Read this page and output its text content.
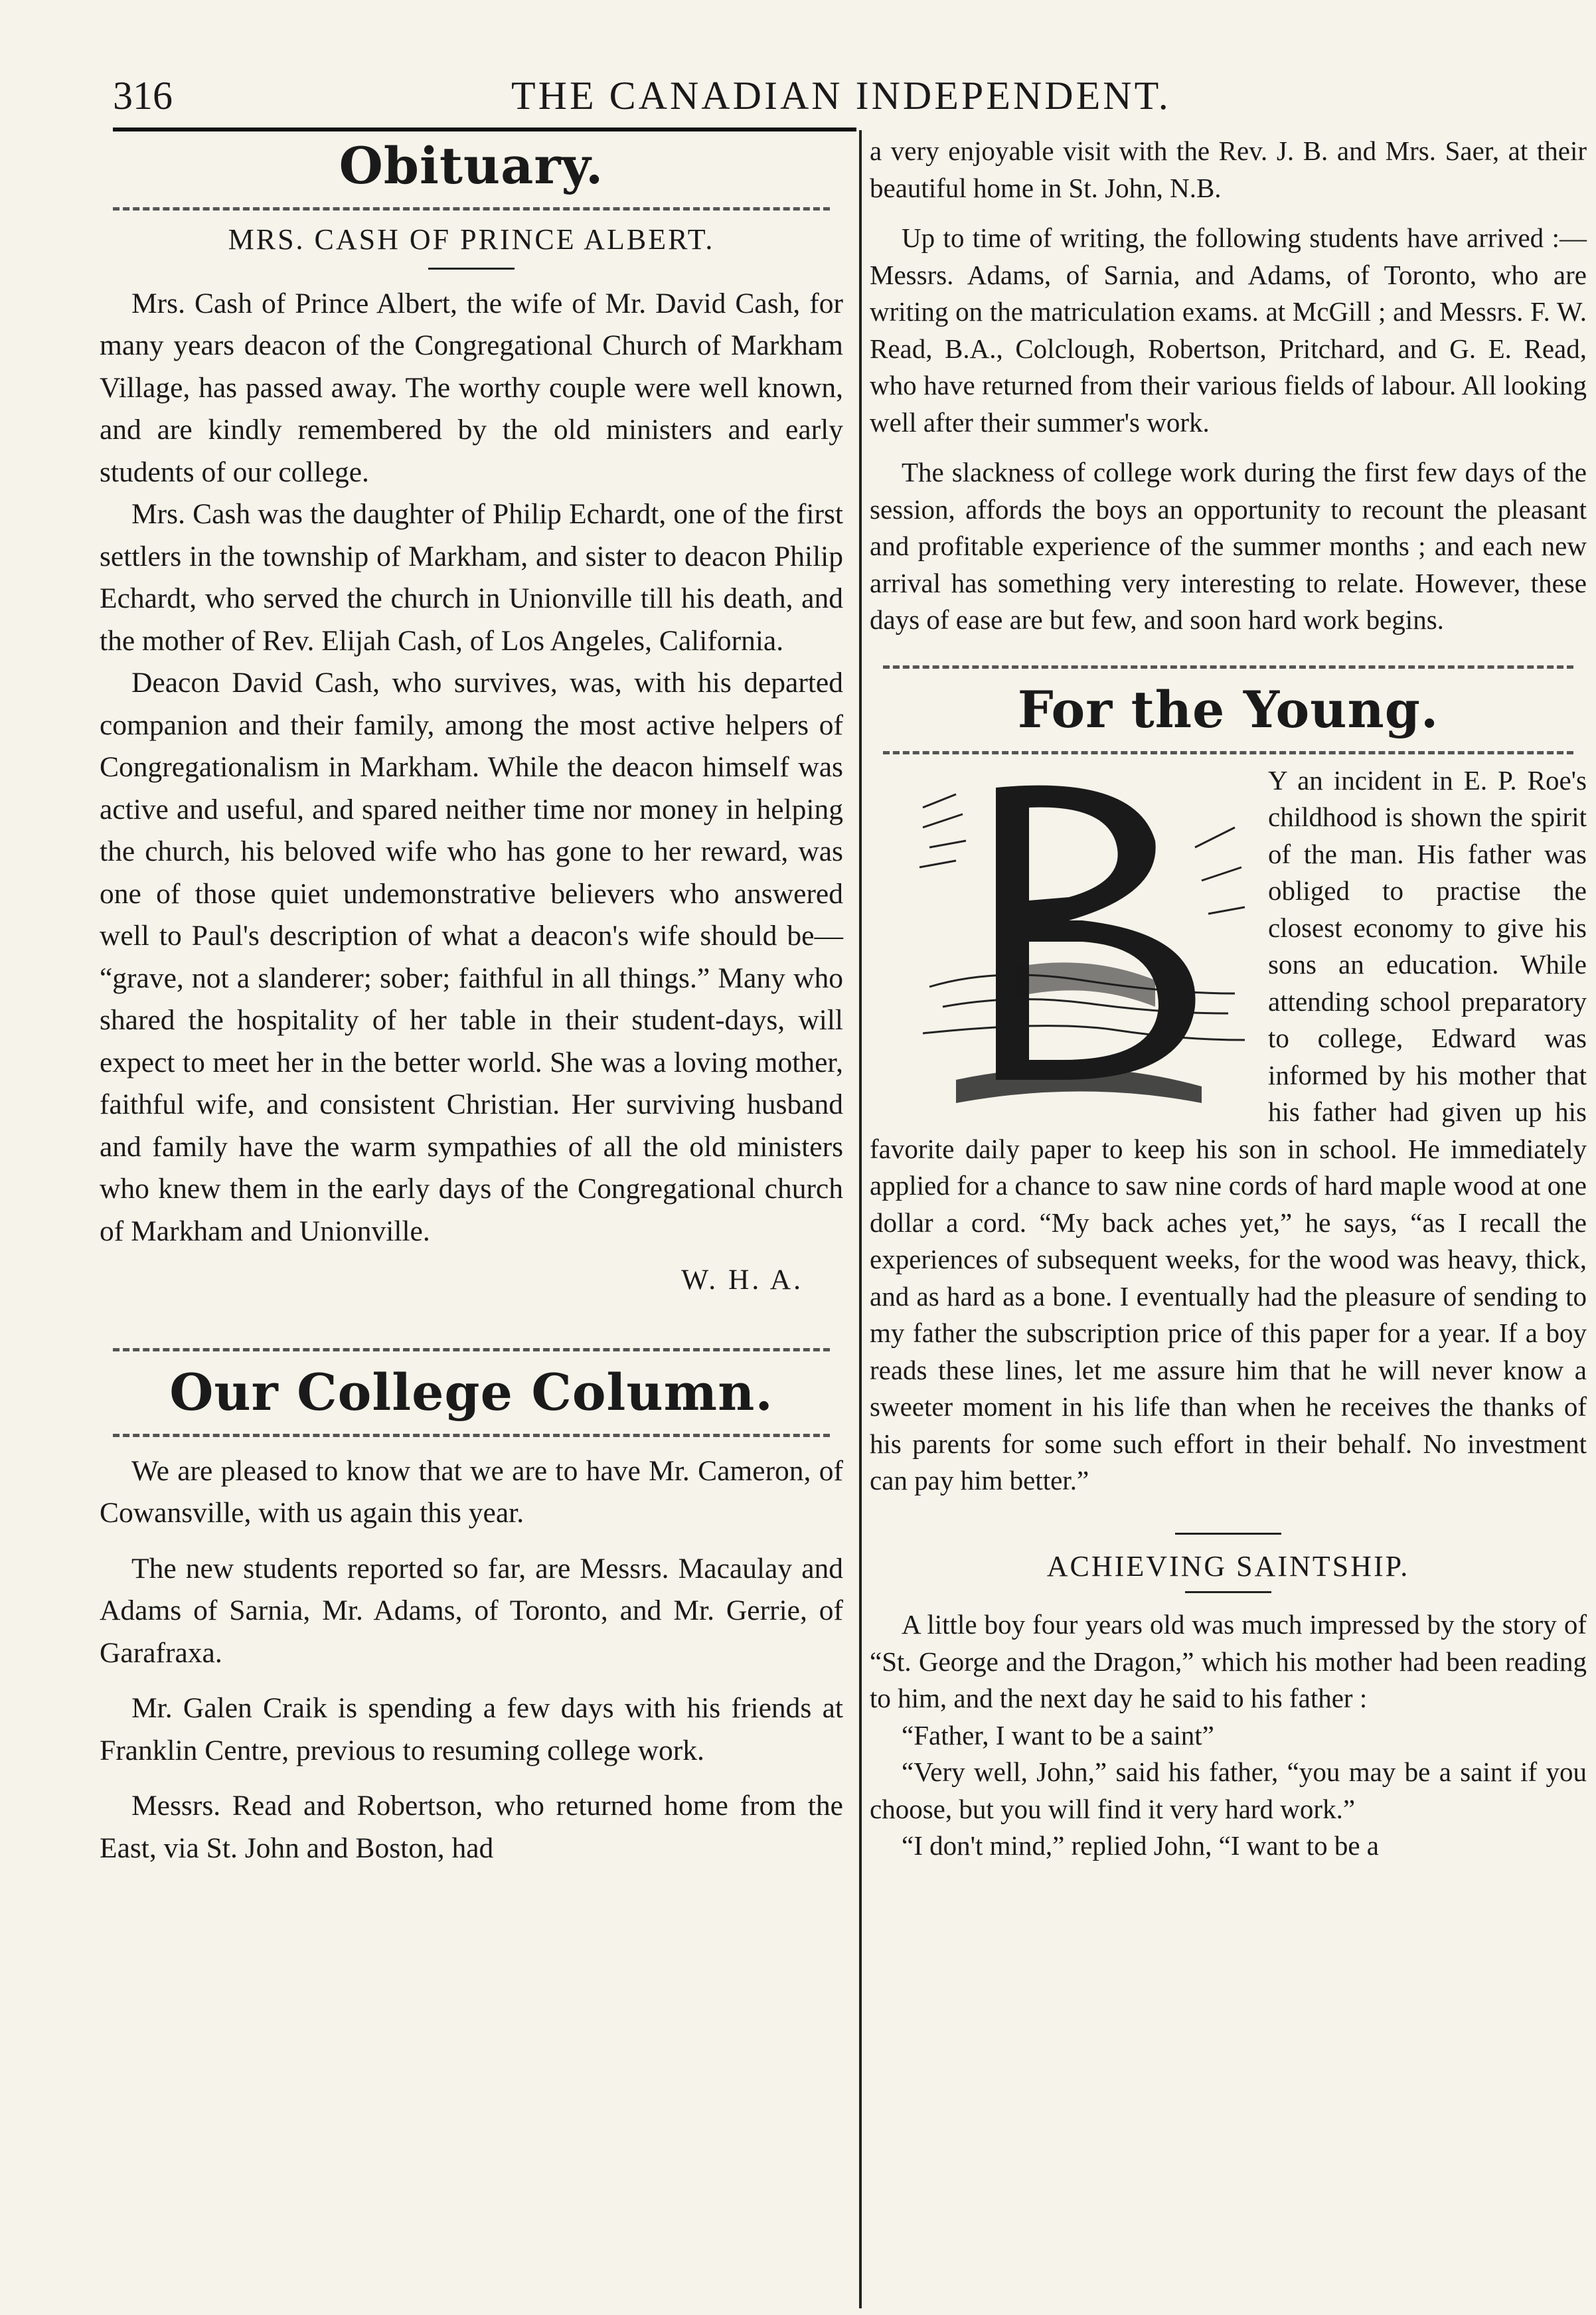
316	THE CANADIAN INDEPENDENT.
Obituary.

MRS. CASH OF PRINCE ALBERT.

Mrs. Cash of Prince Albert, the wife of Mr. David Cash, for many years deacon of the Congregational Church of Markham Village, has passed away. The worthy couple were well known, and are kindly remembered by the old ministers and early students of our college.

Mrs. Cash was the daughter of Philip Echardt, one of the first settlers in the township of Markham, and sister to deacon Philip Echardt, who served the church in Unionville till his death, and the mother of Rev. Elijah Cash, of Los Angeles, California.

Deacon David Cash, who survives, was, with his departed companion and their family, among the most active helpers of Congregationalism in Markham. While the deacon himself was active and useful, and spared neither time nor money in helping the church, his beloved wife who has gone to her reward, was one of those quiet undemonstrative believers who answered well to Paul's description of what a deacon's wife should be— “grave, not a slanderer; sober; faithful in all things.” Many who shared the hospitality of her table in their student-days, will expect to meet her in the better world. She was a loving mother, faithful wife, and consistent Christian. Her surviving husband and family have the warm sympathies of all the old ministers who knew them in the early days of the Congregational church of Markham and Unionville.

W. H. A.

Our College Column.

We are pleased to know that we are to have Mr. Cameron, of Cowansville, with us again this year.

The new students reported so far, are Messrs. Macaulay and Adams of Sarnia, Mr. Adams, of Toronto, and Mr. Gerrie, of Garafraxa.

Mr. Galen Craik is spending a few days with his friends at Franklin Centre, previous to resuming college work.

Messrs. Read and Robertson, who returned home from the East, via St. John and Boston, had

a very enjoyable visit with the Rev. J. B. and Mrs. Saer, at their beautiful home in St. John, N.B.

Up to time of writing, the following students have arrived :—Messrs. Adams, of Sarnia, and Adams, of Toronto, who are writing on the matriculation exams. at McGill ; and Messrs. F. W. Read, B.A., Colclough, Robertson, Pritchard, and G. E. Read, who have returned from their various fields of labour. All looking well after their summer's work.

The slackness of college work during the first few days of the session, affords the boys an opportunity to recount the pleasant and profitable experience of the summer months ; and each new arrival has something very interesting to relate. However, these days of ease are but few, and soon hard work begins.

For the Young.

Y an incident in E. P. Roe's childhood is shown the spirit of the man. His father was obliged to practise the closest economy to give his sons an education. While attending school preparatory to college, Edward was informed by his mother that his father had given up his favorite daily paper to keep his son in school. He immediately applied for a chance to saw nine cords of hard maple wood at one dollar a cord. “My back aches yet,” he says, “as I recall the experiences of subsequent weeks, for the wood was heavy, thick, and as hard as a bone. I eventually had the pleasure of sending to my father the subscription price of this paper for a year. If a boy reads these lines, let me assure him that he will never know a sweeter moment in his life than when he receives the thanks of his parents for some such effort in their behalf. No investment can pay him better.”

ACHIEVING SAINTSHIP.

A little boy four years old was much impressed by the story of “St. George and the Dragon,” which his mother had been reading to him, and the next day he said to his father :

“Father, I want to be a saint”

“Very well, John,” said his father, “you may be a saint if you choose, but you will find it very hard work.”

“I don't mind,” replied John, “I want to be a
